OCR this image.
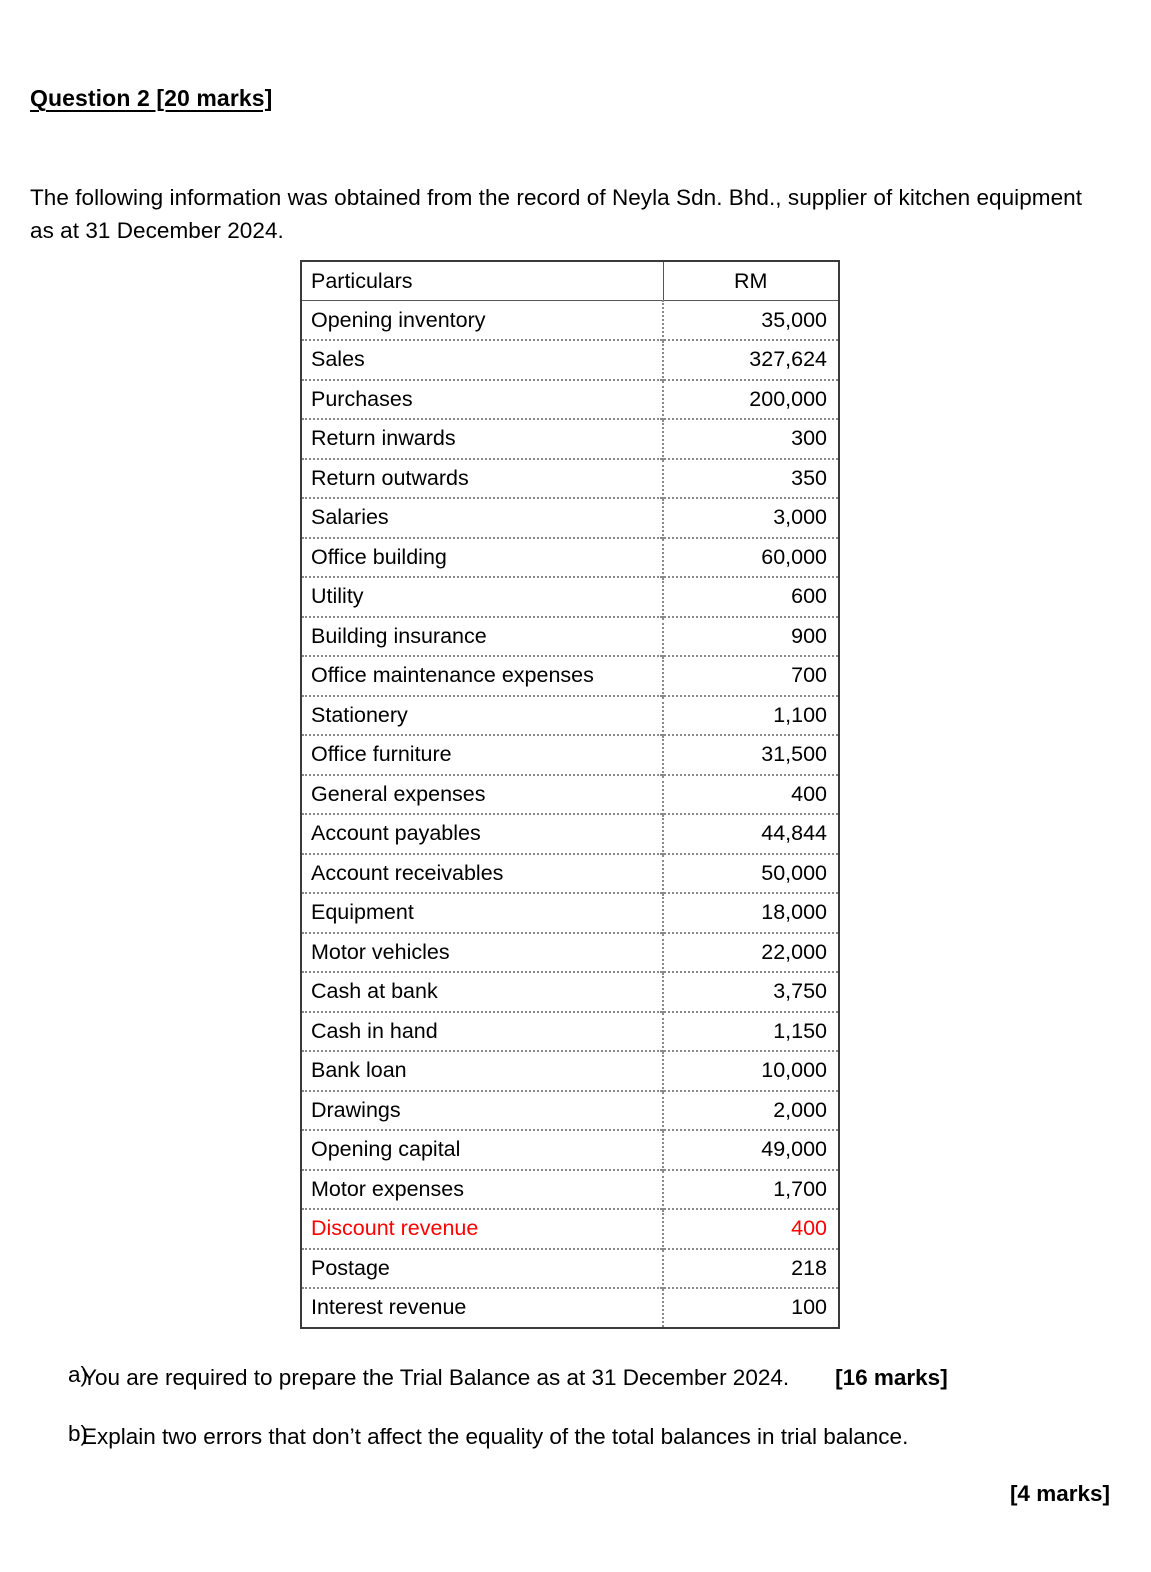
Question 2 [20 marks]

The following information was obtained from the record of Neyla Sdn. Bhd., supplier of kitchen equipment as at 31 December 2024.

Particulars	RM
Opening inventory	35,000
Sales	327,624
Purchases	200,000
Return inwards	300
Return outwards	350
Salaries	3,000
Office building	60,000
Utility	600
Building insurance	900
Office maintenance expenses	700
Stationery	1,100
Office furniture	31,500
General expenses	400
Account payables	44,844
Account receivables	50,000
Equipment	18,000
Motor vehicles	22,000
Cash at bank	3,750
Cash in hand	1,150
Bank loan	10,000
Drawings	2,000
Opening capital	49,000
Motor expenses	1,700
Discount revenue	400
Postage	218
Interest revenue	100
a)
You are required to prepare the Trial Balance as at 31 December 2024. [16 marks]
b)
Explain two errors that don’t affect the equality of the total balances in trial balance.
[4 marks]
